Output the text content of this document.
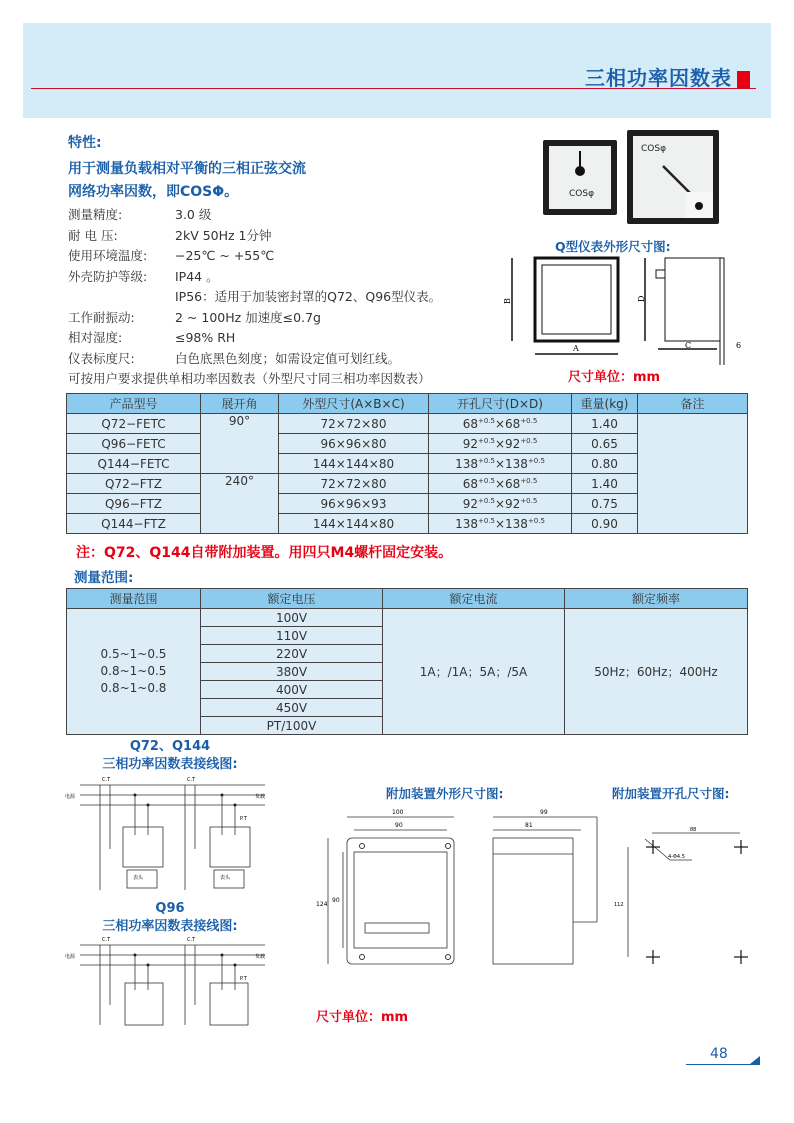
三相功率因数表
特性:
用于测量负载相对平衡的三相正弦交流
网络功率因数，即COSΦ。
测量精度:	3.0 级
耐 电 压:	2kV 50Hz 1分钟
使用环境温度:	−25℃ ~ +55℃
外壳防护等级:	IP44 。
IP56：适用于加装密封罩的Q72、Q96型仪表。
工作耐振动:	2 ~ 100Hz 加速度≤0.7g
相对湿度:	≤98% RH
仪表标度尺:	白色底黑色刻度；如需设定值可划红线。
可按用户要求提供单相功率因数表（外型尺寸同三相功率因数表）
COSφ
COSφ
Q型仪表外形尺寸图:
B
A
D
C	6
尺寸单位：mm
产品型号	展开角	外型尺寸(A×B×C)	开孔尺寸(D×D)	重量(kg)	备注
Q72−FETC	90°	72×72×80	$68^{+0.5}\times 68^{+0.5}$	1.40	
Q96−FETC		96×96×80	$92^{+0.5}\times 92^{+0.5}$	0.65	
Q144−FETC		144×144×80	$138^{+0.5}\times 138^{+0.5}$	0.80	
Q72−FTZ	240°	72×72×80	$68^{+0.5}\times 68^{+0.5}$	1.40	
Q96−FTZ		96×96×93	$92^{+0.5}\times 92^{+0.5}$	0.75	
Q144−FTZ		144×144×80	$138^{+0.5}\times 138^{+0.5}$	0.90	
注：Q72、Q144自带附加装置。用四只M4螺杆固定安装。
测量范围:
测量范围	额定电压	额定电流	额定频率

0.5~1~0.5
0.8~1~0.5
0.8~1~0.8	100V	1A；/1A；5A；/5A	50Hz；60Hz；400Hz
	110V		
	220V		
	380V		
	400V		
	450V		
	PT/100V		
Q72、Q144
三相功率因数表接线图:
电源	负载
C.T	C.T
P.T
表头	表头
Q96
三相功率因数表接线图:
电源	负载
C.T	C.T
P.T
附加装置外形尺寸图:
100
90
124
90
99
81
附加装置开孔尺寸图:
88
112
4-Φ4.5
尺寸单位：mm
48
